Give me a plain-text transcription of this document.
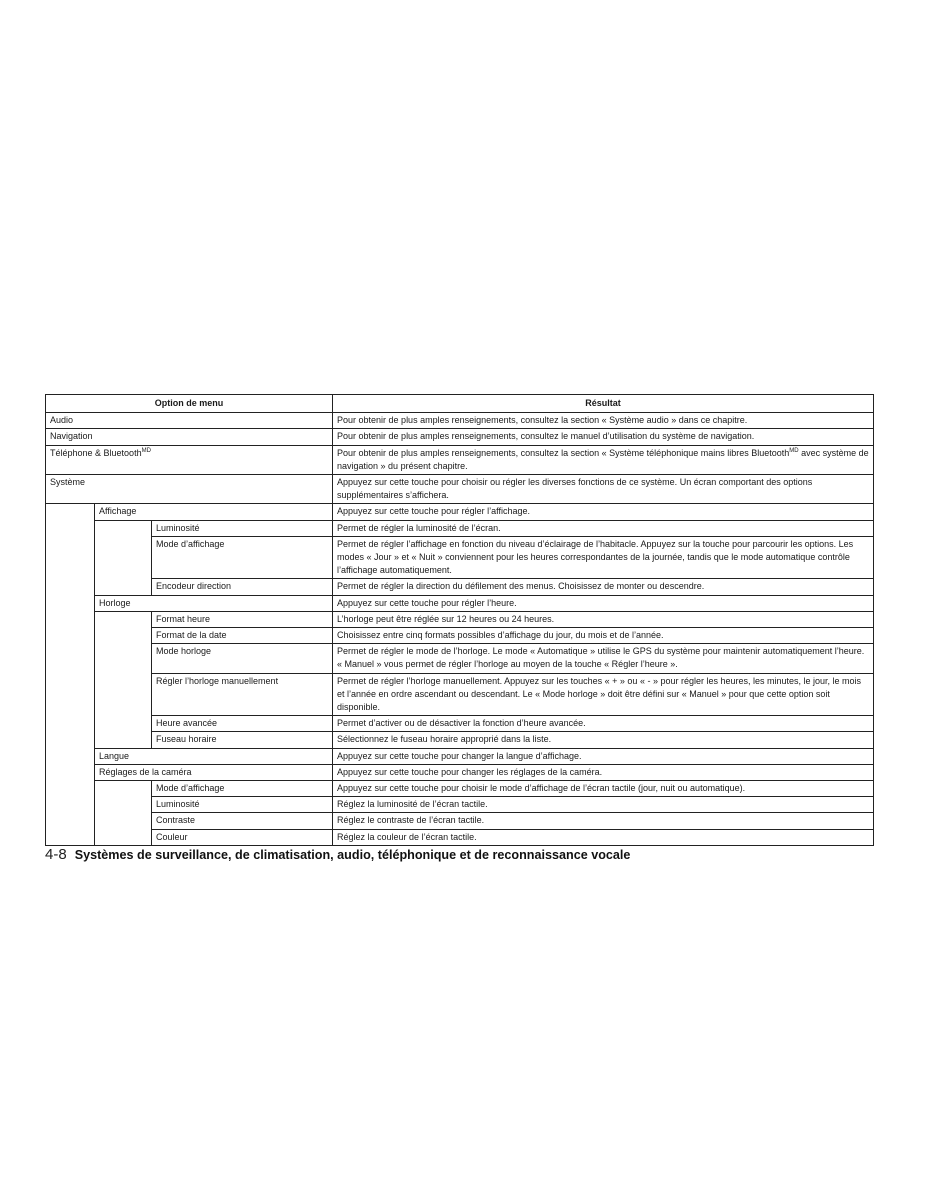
Option de menu			Résultat
Audio			Pour obtenir de plus amples renseignements, consultez la section « Système audio » dans ce chapitre.
Navigation			Pour obtenir de plus amples renseignements, consultez le manuel d’utilisation du système de navigation.
Téléphone & Bluetooth$^{MD}$			Pour obtenir de plus amples renseignements, consultez la section « Système téléphonique mains libres Bluetooth$^{MD}$ avec système de navigation » du présent chapitre.
Système			Appuyez sur cette touche pour choisir ou régler les diverses fonctions de ce système. Un écran comportant des options supplémentaires s’affichera.
	Affichage		Appuyez sur cette touche pour régler l’affichage.
		Luminosité	Permet de régler la luminosité de l’écran.
		Mode d’affichage	Permet de régler l’affichage en fonction du niveau d’éclairage de l’habitacle. Appuyez sur la touche pour parcourir les options. Les modes « Jour » et « Nuit » conviennent pour les heures correspondantes de la journée, tandis que le mode automatique contrôle l’affichage automatiquement.
		Encodeur direction	Permet de régler la direction du défilement des menus. Choisissez de monter ou descendre.
	Horloge		Appuyez sur cette touche pour régler l’heure.
		Format heure	L’horloge peut être réglée sur 12 heures ou 24 heures.
		Format de la date	Choisissez entre cinq formats possibles d’affichage du jour, du mois et de l’année.
		Mode horloge	Permet de régler le mode de l’horloge. Le mode « Automatique » utilise le GPS du système pour maintenir automatiquement l’heure. « Manuel » vous permet de régler l’horloge au moyen de la touche « Régler l’heure ».
		Régler l’horloge manuellement	Permet de régler l’horloge manuellement. Appuyez sur les touches « + » ou « - » pour régler les heures, les minutes, le jour, le mois et l’année en ordre ascendant ou descendant. Le « Mode horloge » doit être défini sur « Manuel » pour que cette option soit disponible.
		Heure avancée	Permet d’activer ou de désactiver la fonction d’heure avancée.
		Fuseau horaire	Sélectionnez le fuseau horaire approprié dans la liste.
	Langue		Appuyez sur cette touche pour changer la langue d’affichage.
	Réglages de la caméra		Appuyez sur cette touche pour changer les réglages de la caméra.
		Mode d’affichage	Appuyez sur cette touche pour choisir le mode d’affichage de l’écran tactile (jour, nuit ou automatique).
		Luminosité	Réglez la luminosité de l’écran tactile.
		Contraste	Réglez le contraste de l’écran tactile.
		Couleur	Réglez la couleur de l’écran tactile.
4-8 Systèmes de surveillance, de climatisation, audio, téléphonique et de reconnaissance vocale
